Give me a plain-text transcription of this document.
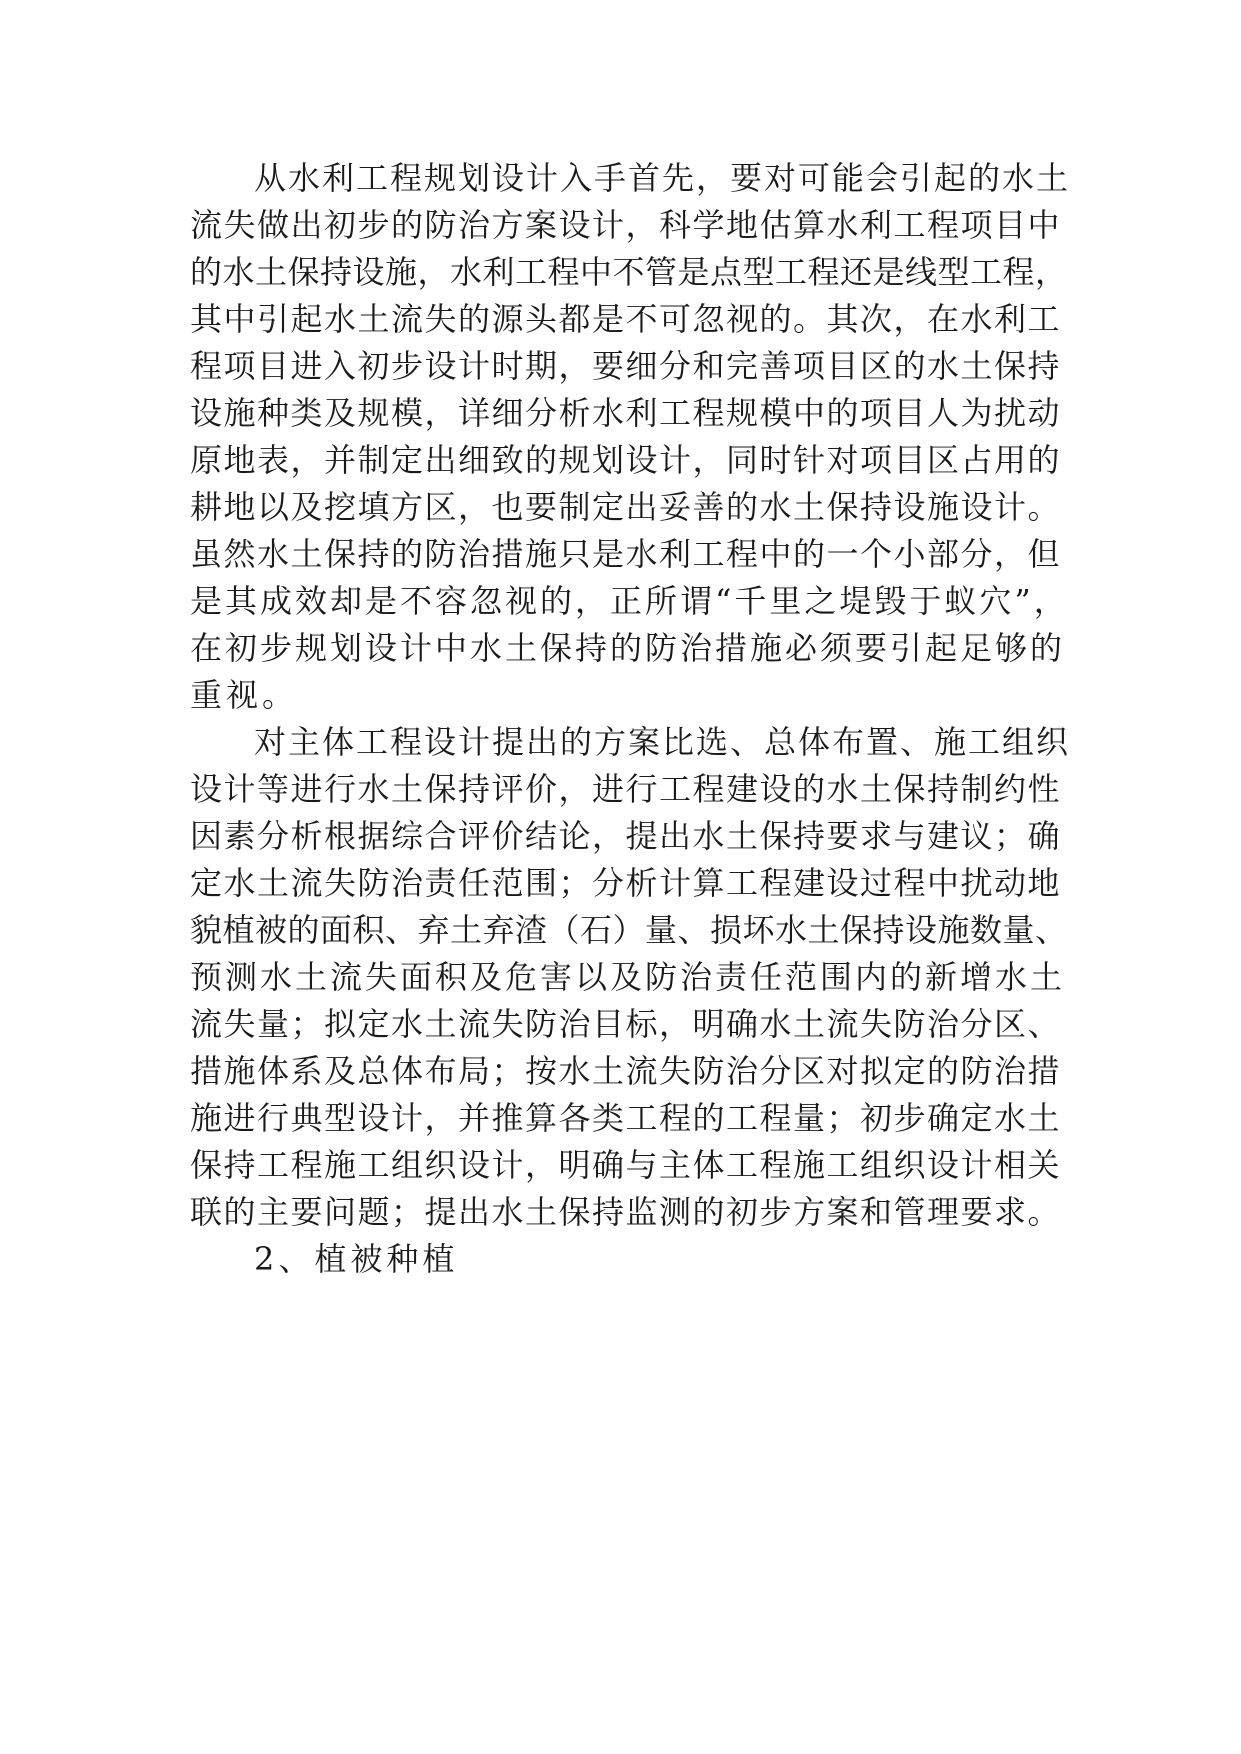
从水利工程规划设计入手首先，要对可能会引起的水土
流失做出初步的防治方案设计，科学地估算水利工程项目中
的水土保持设施，水利工程中不管是点型工程还是线型工程，
其中引起水土流失的源头都是不可忽视的。其次，在水利工
程项目进入初步设计时期，要细分和完善项目区的水土保持
设施种类及规模，详细分析水利工程规模中的项目人为扰动
原地表，并制定出细致的规划设计，同时针对项目区占用的
耕地以及挖填方区，也要制定出妥善的水土保持设施设计。
虽然水土保持的防治措施只是水利工程中的一个小部分，但
是其成效却是不容忽视的，正所谓“千里之堤毁于蚁穴”，
在初步规划设计中水土保持的防治措施必须要引起足够的
重视。
对主体工程设计提出的方案比选、总体布置、施工组织
设计等进行水土保持评价，进行工程建设的水土保持制约性
因素分析根据综合评价结论，提出水土保持要求与建议；确
定水土流失防治责任范围；分析计算工程建设过程中扰动地
貌植被的面积、弃土弃渣（石）量、损坏水土保持设施数量、
预测水土流失面积及危害以及防治责任范围内的新增水土
流失量；拟定水土流失防治目标，明确水土流失防治分区、
措施体系及总体布局；按水土流失防治分区对拟定的防治措
施进行典型设计，并推算各类工程的工程量；初步确定水土
保持工程施工组织设计，明确与主体工程施工组织设计相关
联的主要问题；提出水土保持监测的初步方案和管理要求。
2、植被种植
